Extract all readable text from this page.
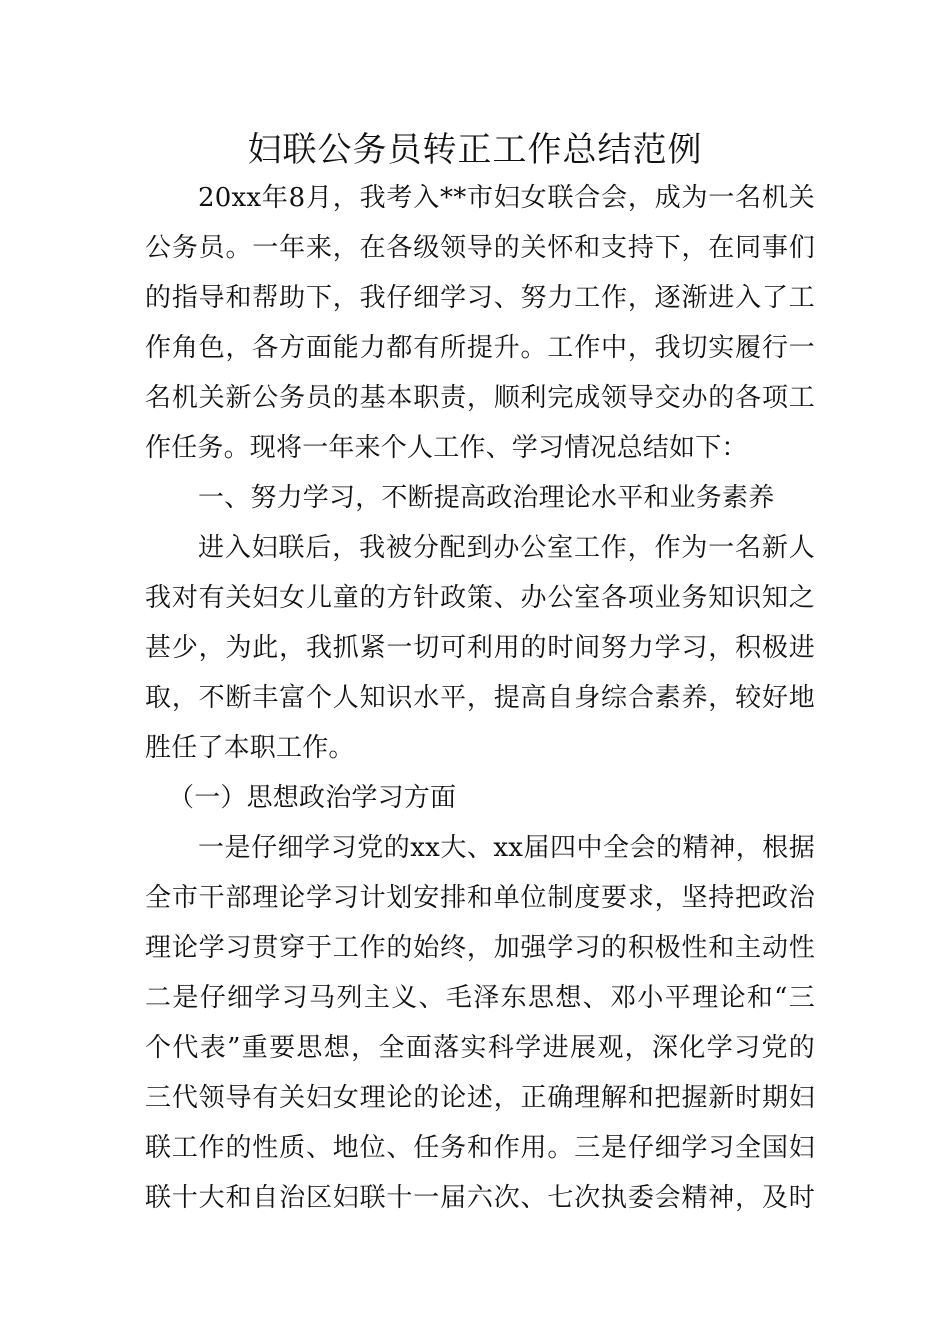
妇联公务员转正工作总结范例
20xx年8月，我考入**市妇女联合会，成为一名机关
公务员。一年来，在各级领导的关怀和支持下，在同事们
的指导和帮助下，我仔细学习、努力工作，逐渐进入了工
作角色，各方面能力都有所提升。工作中，我切实履行一
名机关新公务员的基本职责，顺利完成领导交办的各项工
作任务。现将一年来个人工作、学习情况总结如下：
一、努力学习，不断提高政治理论水平和业务素养
进入妇联后，我被分配到办公室工作，作为一名新人
我对有关妇女儿童的方针政策、办公室各项业务知识知之
甚少，为此，我抓紧一切可利用的时间努力学习，积极进
取，不断丰富个人知识水平，提高自身综合素养，较好地
胜任了本职工作。
（一）思想政治学习方面
一是仔细学习党的xx大、xx届四中全会的精神，根据
全市干部理论学习计划安排和单位制度要求，坚持把政治
理论学习贯穿于工作的始终，加强学习的积极性和主动性
二是仔细学习马列主义、毛泽东思想、邓小平理论和“三
个代表”重要思想，全面落实科学进展观，深化学习党的
三代领导有关妇女理论的论述，正确理解和把握新时期妇
联工作的性质、地位、任务和作用。三是仔细学习全国妇
联十大和自治区妇联十一届六次、七次执委会精神，及时
